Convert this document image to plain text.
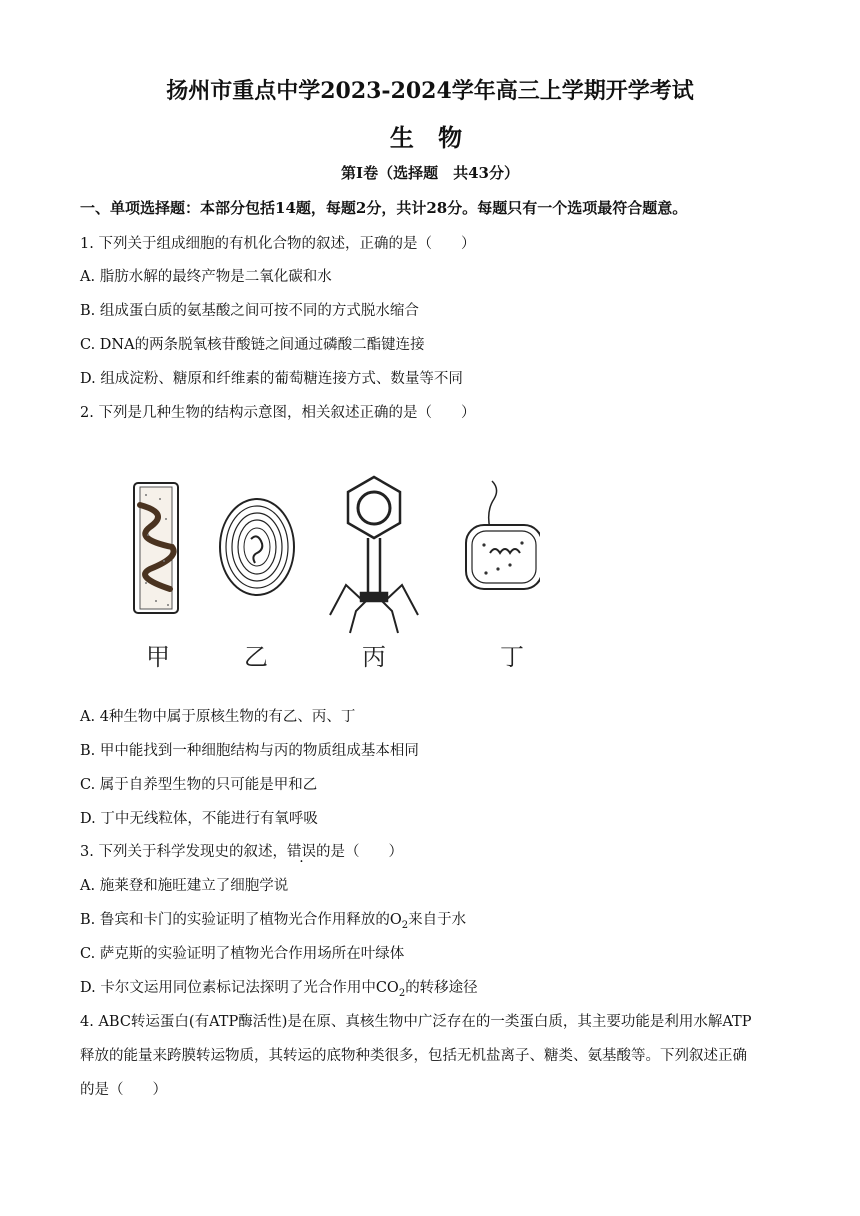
扬州市重点中学2023-2024学年高三上学期开学考试
生 物
第Ⅰ卷（选择题　共43分）
一、单项选择题：本部分包括14题，每题2分，共计28分。每题只有一个选项最符合题意。
1. 下列关于组成细胞的有机化合物的叙述，正确的是（　　）
A. 脂肪水解的最终产物是二氧化碳和水
B. 组成蛋白质的氨基酸之间可按不同的方式脱水缩合
C. DNA的两条脱氧核苷酸链之间通过磷酸二酯键连接
D. 组成淀粉、糖原和纤维素的葡萄糖连接方式、数量等不同
2. 下列是几种生物的结构示意图，相关叙述正确的是（　　）
甲	乙	丙	丁
A. 4种生物中属于原核生物的有乙、丙、丁
B. 甲中能找到一种细胞结构与丙的物质组成基本相同
C. 属于自养型生物的只可能是甲和乙
D. 丁中无线粒体，不能进行有氧呼吸
3. 下列关于科学发现史的叙述，错误的是（　　）
A. 施莱登和施旺建立了细胞学说
B. 鲁宾和卡门的实验证明了植物光合作用释放的$O_2$来自于水
C. 萨克斯的实验证明了植物光合作用场所在叶绿体
D. 卡尔文运用同位素标记法探明了光合作用中$CO_2$的转移途径
4. ABC转运蛋白(有ATP酶活性)是在原、真核生物中广泛存在的一类蛋白质，其主要功能是利用水解ATP
释放的能量来跨膜转运物质，其转运的底物种类很多，包括无机盐离子、糖类、氨基酸等。下列叙述正确
的是（　　）
